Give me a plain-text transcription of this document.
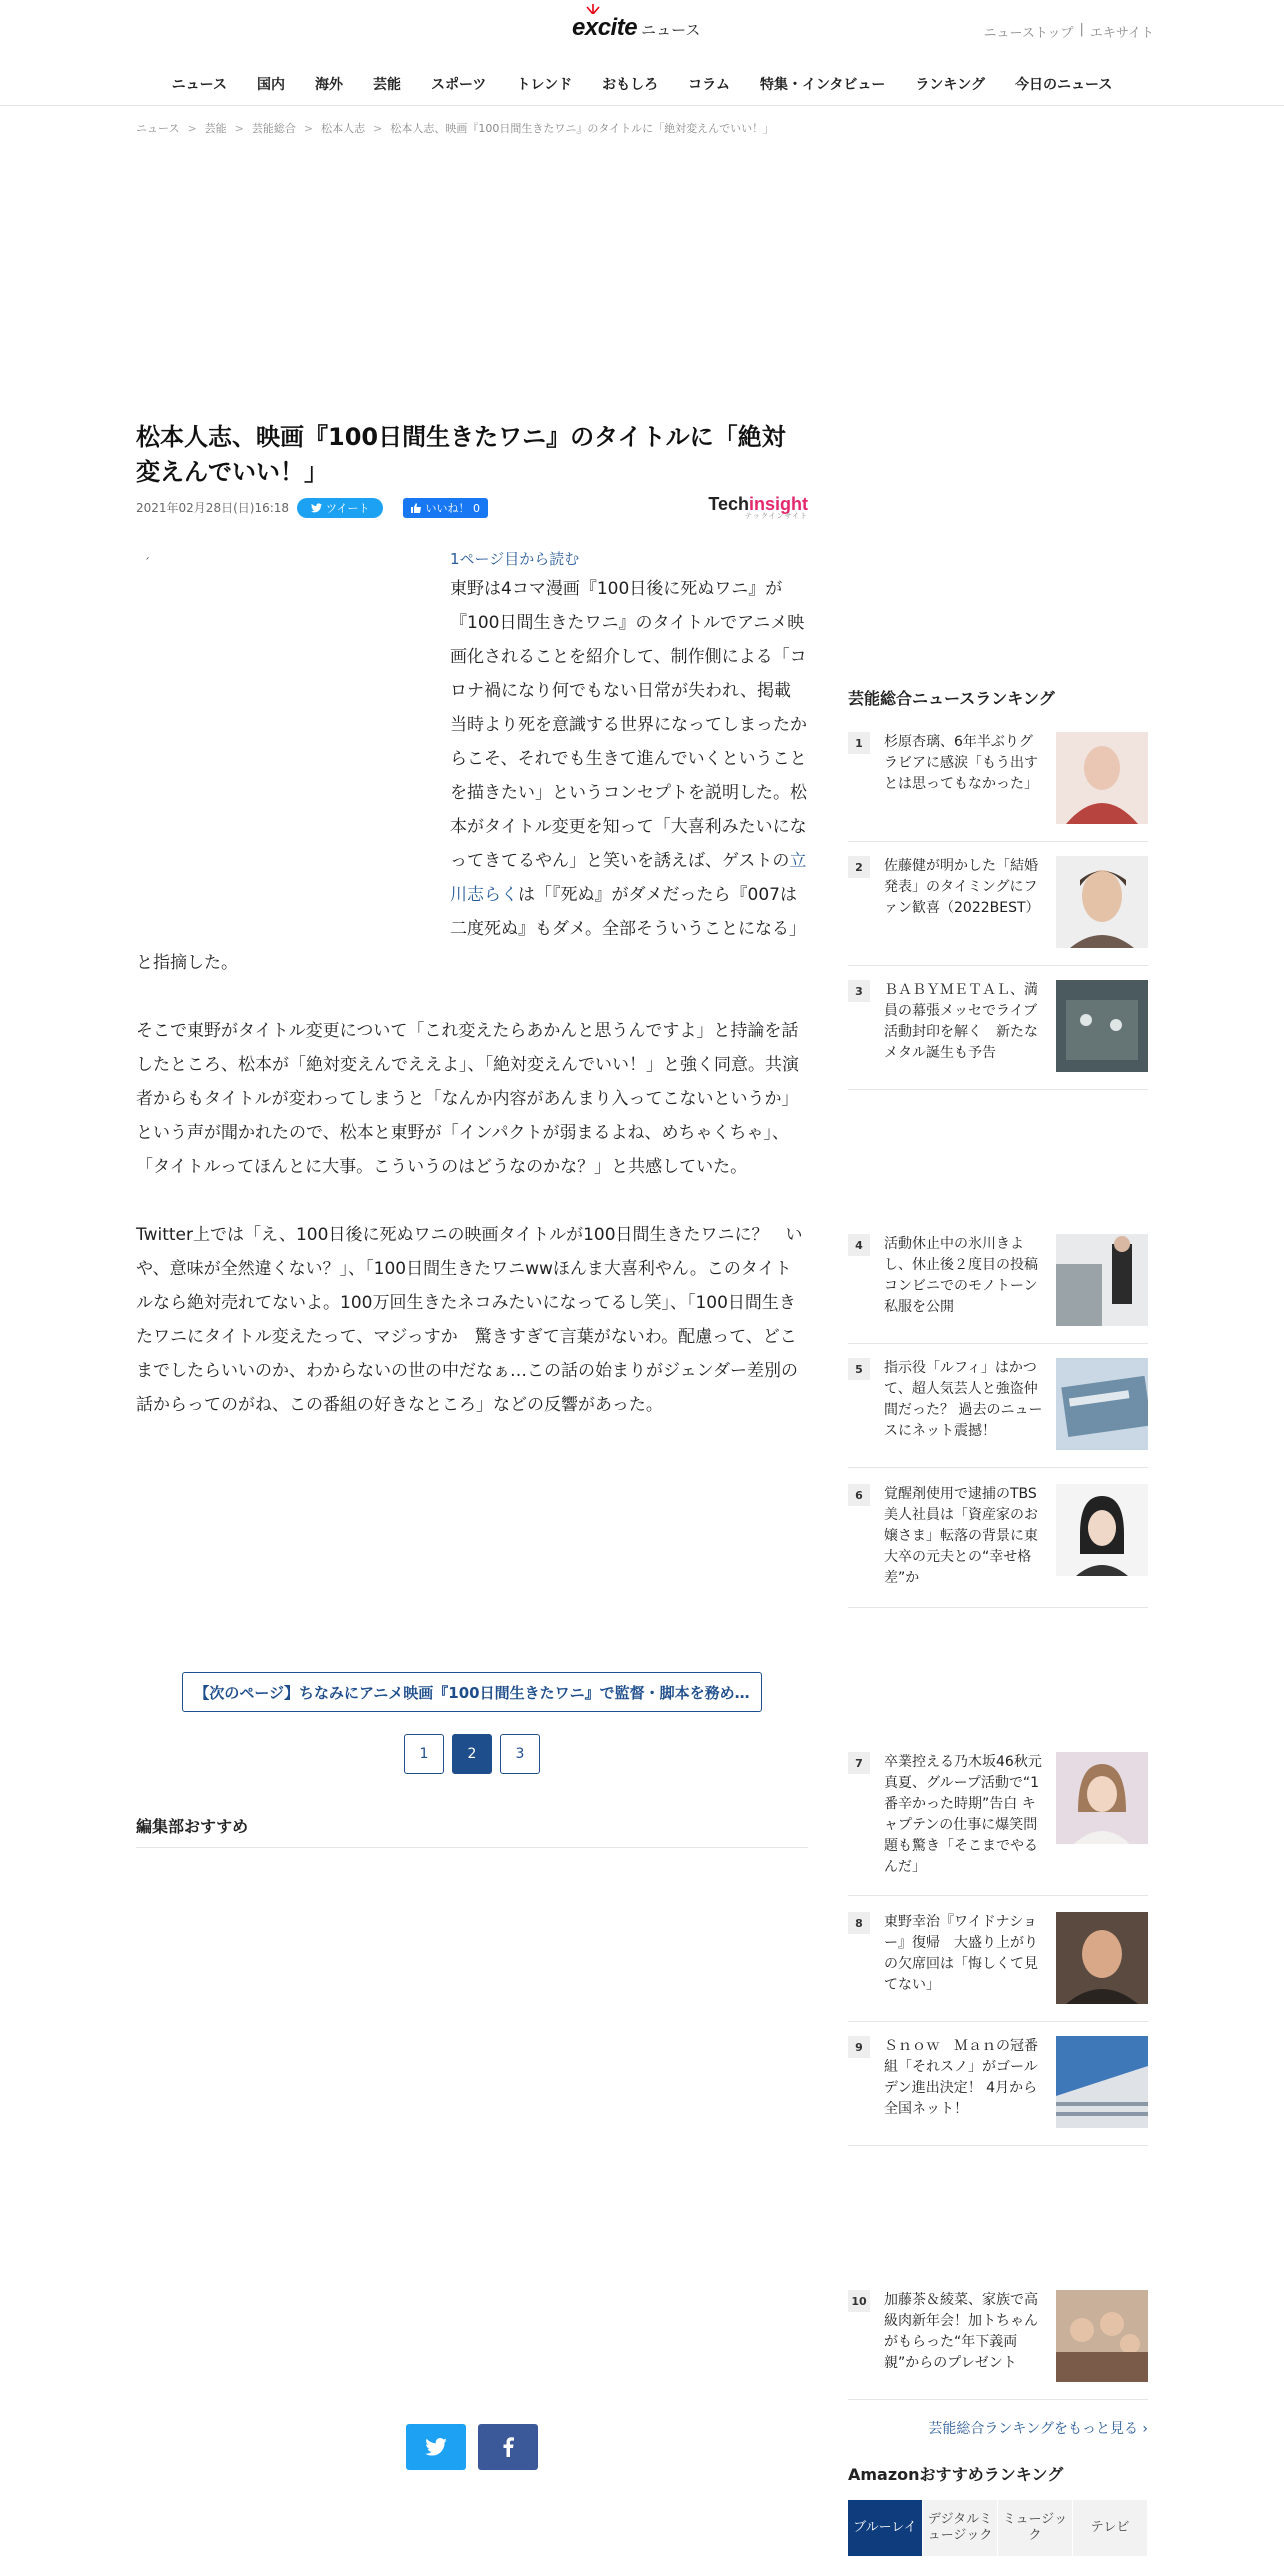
excite ニュース	ニューストップ | エキサイト
ニュース	国内	海外	芸能	スポーツ	トレンド	おもしろ	コラム	特集・インタビュー	ランキング	今日のニュース
ニュース > 芸能 > 芸能総合 > 松本人志 > 松本人志、映画『100日間生きたワニ』のタイトルに「絶対変えんでいい！」
松本人志、映画『100日間生きたワニ』のタイトルに「絶対変えんでいい！」
2021年02月28日(日)16:18	ツイート	いいね！ 0	Techinsight
テックインサイト
´	1ページ目から読む

東野は4コマ漫画『100日後に死ぬワニ』が『100日間生きたワニ』のタイトルでアニメ映画化されることを紹介して、制作側による「コロナ禍になり何でもない日常が失われ、掲載当時より死を意識する世界になってしまったからこそ、それでも生きて進んでいくということを描きたい」というコンセプトを説明した。松本がタイトル変更を知って「大喜利みたいになってきてるやん」と笑いを誘えば、ゲストの

立川志らく

は「『死ぬ』がダメだったら『007は二度死ぬ』もダメ。全部そういうことになる」と指摘した。

そこで東野がタイトル変更について「これ変えたらあかんと思うんですよ」と持論を話したところ、松本が「絶対変えんでええよ」、「絶対変えんでいい！」と強く同意。共演者からもタイトルが変わってしまうと「なんか内容があんまり入ってこないというか」という声が聞かれたので、松本と東野が「インパクトが弱まるよね、めちゃくちゃ」、「タイトルってほんとに大事。こういうのはどうなのかな？」と共感していた。

Twitter上では「え、100日後に死ぬワニの映画タイトルが100日間生きたワニに？　いや、意味が全然違くない？」、「100日間生きたワニwwほんま大喜利やん。このタイトルなら絶対売れてないよ。100万回生きたネコみたいになってるし笑」、「100日間生きたワニにタイトル変えたって、マジっすか　驚きすぎて言葉がないわ。配慮って、どこまでしたらいいのか、わからないの世の中だなぁ…この話の始まりがジェンダー差別の話からってのがね、この番組の好きなところ」などの反響があった。

【次のページ】ちなみにアニメ映画『100日間生きたワニ』で監督・脚本を務め…
1	2	3
編集部おすすめ
芸能総合ニュースランキング
1	杉原杏璃、6年半ぶりグラビアに感涙「もう出すとは思ってもなかった」
2	佐藤健が明かした「結婚発表」のタイミングにファン歓喜（2022BEST）
3	ＢＡＢＹＭＥＴＡＬ、満員の幕張メッセでライブ活動封印を解く　新たなメタル誕生も予告
4	活動休止中の氷川きよし、休止後２度目の投稿 コンビニでのモノトーン私服を公開
5	指示役「ルフィ」はかつて、超人気芸人と強盗仲間だった？ 過去のニュースにネット震撼！
6	覚醒剤使用で逮捕のTBS美人社員は「資産家のお嬢さま」転落の背景に東大卒の元夫との“幸せ格差”か
7	卒業控える乃木坂46秋元真夏、グループ活動で“1番辛かった時期”告白 キャプテンの仕事に爆笑問題も驚き「そこまでやるんだ」
8	東野幸治『ワイドナショー』復帰　大盛り上がりの欠席回は「悔しくて見てない」
9	Ｓｎｏｗ　Ｍａｎの冠番組「それスノ」がゴールデン進出決定！ 4月から全国ネット！
10 加藤茶＆綾菜、家族で高級肉新年会！加トちゃんがもらった“年下義両親”からのプレゼント
芸能総合ランキングをもっと見る ›
Amazonおすすめランキング
ブルーレイ
デジタルミュージック
ミュージック
テレビ
